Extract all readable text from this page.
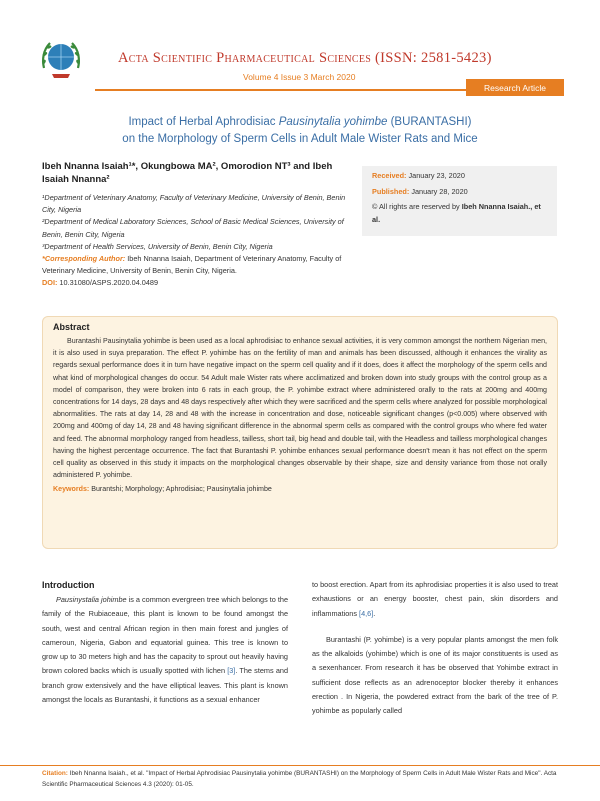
Acta Scientific Pharmaceutical Sciences (ISSN: 2581-5423)
Volume 4 Issue 3 March 2020
Research Article
Impact of Herbal Aphrodisiac Pausinytalia yohimbe (BURANTASHI)
on the Morphology of Sperm Cells in Adult Male Wister Rats and Mice
Ibeh Nnanna Isaiah¹*, Okungbowa MA², Omorodion NT³ and Ibeh Isaiah Nnanna²

¹Department of Veterinary Anatomy, Faculty of Veterinary Medicine, University of Benin, Benin City, Nigeria

²Department of Medical Laboratory Sciences, School of Basic Medical Sciences, University of Benin, Benin City, Nigeria

³Department of Health Services, University of Benin, Benin City, Nigeria

*Corresponding Author: Ibeh Nnanna Isaiah, Department of Veterinary Anatomy, Faculty of Veterinary Medicine, University of Benin, Benin City, Nigeria.

DOI: 10.31080/ASPS.2020.04.0489

Received: January 23, 2020

Published: January 28, 2020

© All rights are reserved by Ibeh Nnanna Isaiah., et al.

Abstract

Burantashi Pausinytalia yohimbe is been used as a local aphrodisiac to enhance sexual activities, it is very common amongst the northern Nigerian men, it is also used in suya preparation. The effect P. yohimbe has on the fertility of man and animals has been discussed, although it enhances the virality as regards sexual performance does it in turn have negative impact on the sperm cell quality and if it does, does it affect the morphology of the sperm cells and what kind of morphological changes do occur. 54 Adult male Wister rats where acclimatized and broken down into study groups with the control group as a model of comparison, they were broken into 6 rats in each group, the P. yohimbe extract where administered orally to the rats at 200mg and 400mg concentrations for 14 days, 28 days and 48 days respectively after which they were sacrificed and the sperm cells where analyzed for possible morphological abnormalities. The rats at day 14, 28 and 48 with the increase in concentration and dose, noticeable significant changes (p<0.005) where observed with 200mg and 400mg of day 14, 28 and 48 having significant difference in the abnormal sperm cells as compared with the control groups who where fed water and feed. The abnormal morphology ranged from headless, tailless, short tail, big head and double tail, with the Headless and tailless morphological changes having the highest percentage occurrence. The fact that Burantashi P. yohimbe enhances sexual performance doesn't mean it has not effect on the sperm cell quality as observed in this study it impacts on the morphological changes observable by their shape, size and density variance from those not orally administered P. yohimbe.

Keywords: Burantshi; Morphology; Aphrodisiac; Pausinytalia johimbe
Introduction

Pausinystalia johimbe is a common evergreen tree which belongs to the family of the Rubiaceaue, this plant is known to be found amongst the south, west and central African region in then main forest and jungles of cameroun, Nigeria, Gabon and equatorial guinea. This tree is known to grow up to 30 meters high and has the capacity to sprout out heavily having brown colored backs which is usually spotted with lichen [3]. The stems and branch grow extensively and the have elliptical leaves. This plant is known amongst the locals as Burantashi, it functions as a sexual enhancer

to boost erection. Apart from its aphrodisiac properties it is also used to treat exhaustions or an energy booster, chest pain, skin disorders and inflammations [4,6].

Burantashi (P. yohimbe) is a very popular plants amongst the men folk as the alkaloids (yohimbe) which is one of its major constituents is used as a sexenhancer. From research it has be observed that Yohimbe extract in sufficient dose reflects as an adrenoceptor blocker thereby it enhances erection . In Nigeria, the powdered extract from the bark of the tree of P. yohimbe as popularly called

Citation: Ibeh Nnanna Isaiah., et al. "Impact of Herbal Aphrodisiac Pausinytalia yohimbe (BURANTASHI) on the Morphology of Sperm Cells in Adult Male Wister Rats and Mice". Acta Scientific Pharmaceutical Sciences 4.3 (2020): 01-05.
